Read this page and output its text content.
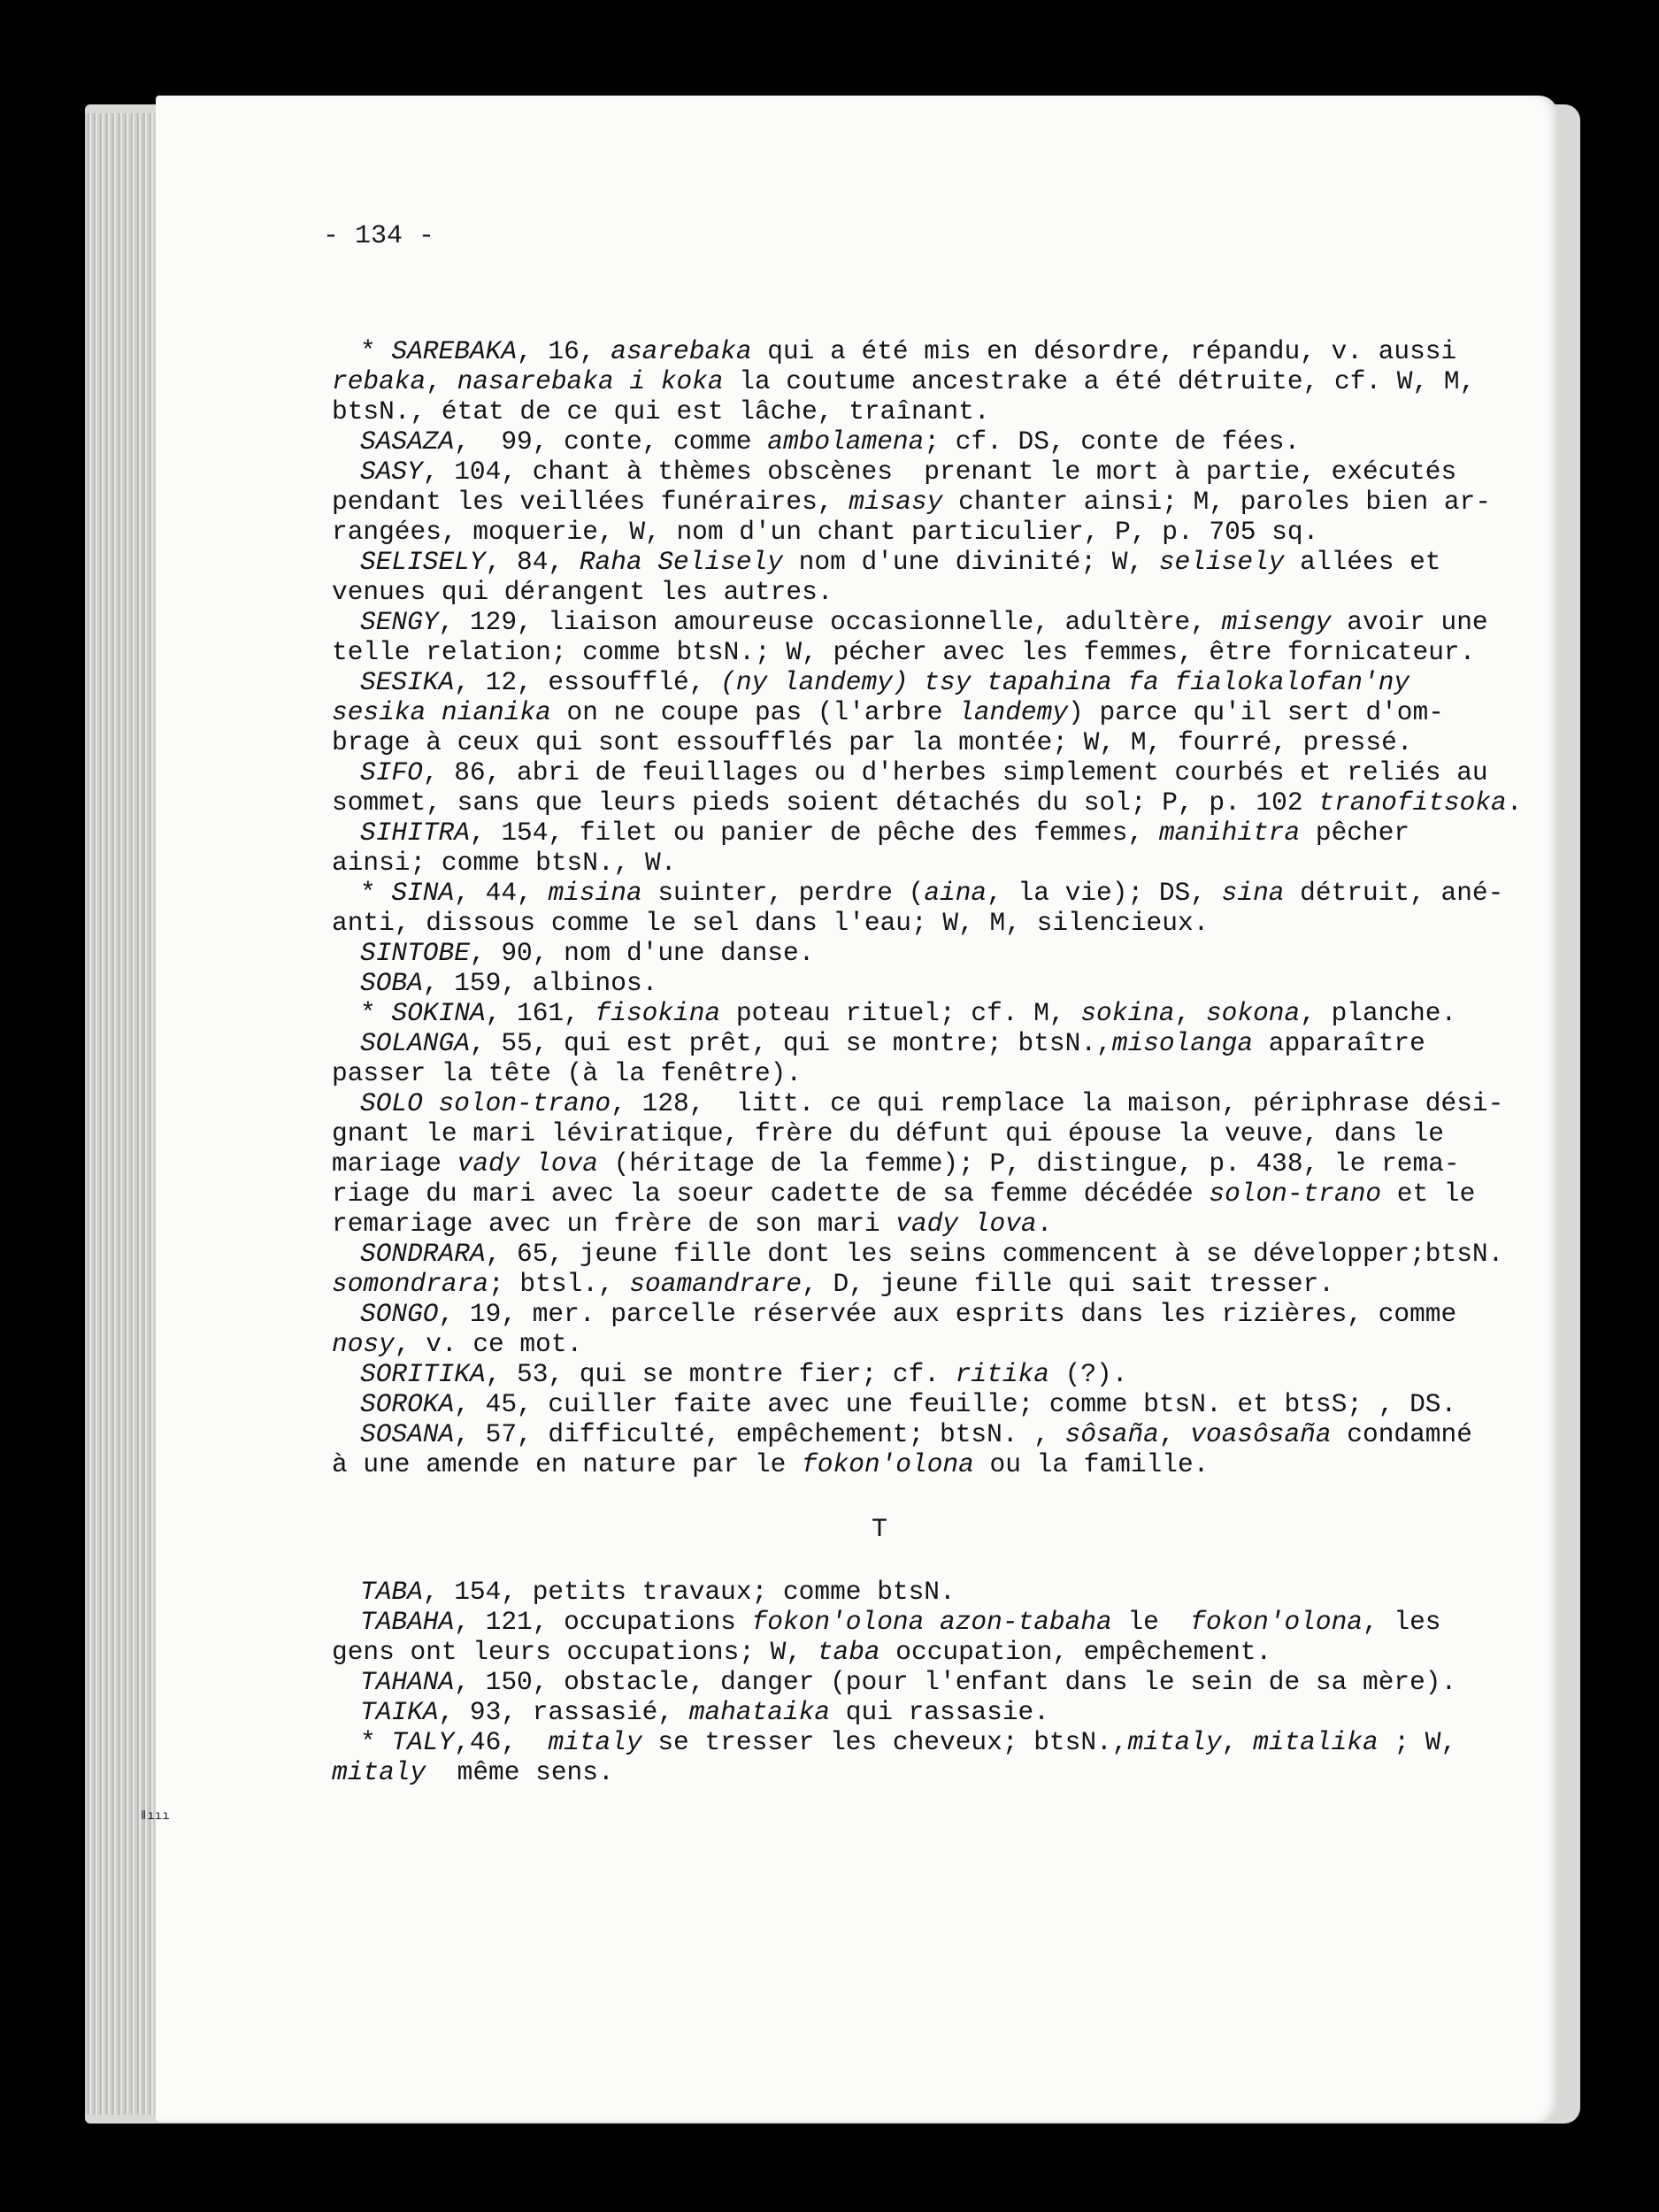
- 134 -

* SAREBAKA, 16, asarebaka qui a été mis en désordre, répandu, v. aussi
rebaka, nasarebaka i koka la coutume ancestrake a été détruite, cf. W, M,
btsN., état de ce qui est lâche, traînant.
SASAZA,  99, conte, comme ambolamena; cf. DS, conte de fées.
SASY, 104, chant à thèmes obscènes  prenant le mort à partie, exécutés
pendant les veillées funéraires, misasy chanter ainsi; M, paroles bien ar-
rangées, moquerie, W, nom d'un chant particulier, P, p. 705 sq.
SELISELY, 84, Raha Selisely nom d'une divinité; W, selisely allées et
venues qui dérangent les autres.
SENGY, 129, liaison amoureuse occasionnelle, adultère, misengy avoir une
telle relation; comme btsN.; W, pécher avec les femmes, être fornicateur.
SESIKA, 12, essoufflé, (ny landemy) tsy tapahina fa fialokalofan'ny
sesika nianika on ne coupe pas (l'arbre landemy) parce qu'il sert d'om-
brage à ceux qui sont essoufflés par la montée; W, M, fourré, pressé.
SIFO, 86, abri de feuillages ou d'herbes simplement courbés et reliés au
sommet, sans que leurs pieds soient détachés du sol; P, p. 102 tranofitsoka.
SIHITRA, 154, filet ou panier de pêche des femmes, manihitra pêcher
ainsi; comme btsN., W.
* SINA, 44, misina suinter, perdre (aina, la vie); DS, sina détruit, ané-
anti, dissous comme le sel dans l'eau; W, M, silencieux.
SINTOBE, 90, nom d'une danse.
SOBA, 159, albinos.
* SOKINA, 161, fisokina poteau rituel; cf. M, sokina, sokona, planche.
SOLANGA, 55, qui est prêt, qui se montre; btsN.,misolanga apparaître
passer la tête (à la fenêtre).
SOLO solon-trano, 128,  litt. ce qui remplace la maison, périphrase dési-
gnant le mari léviratique, frère du défunt qui épouse la veuve, dans le
mariage vady lova (héritage de la femme); P, distingue, p. 438, le rema-
riage du mari avec la soeur cadette de sa femme décédée solon-trano et le
remariage avec un frère de son mari vady lova.
SONDRARA, 65, jeune fille dont les seins commencent à se développer;btsN.
somondrara; btsl., soamandrare, D, jeune fille qui sait tresser.
SONGO, 19, mer. parcelle réservée aux esprits dans les rizières, comme
nosy, v. ce mot.
SORITIKA, 53, qui se montre fier; cf. ritika (?).
SOROKA, 45, cuiller faite avec une feuille; comme btsN. et btsS; , DS.
SOSANA, 57, difficulté, empêchement; btsN. , sôsaña, voasôsaña condamné
à une amende en nature par le fokon'olona ou la famille.

T

TABA, 154, petits travaux; comme btsN.
TABAHA, 121, occupations fokon'olona azon-tabaha le  fokon'olona, les
gens ont leurs occupations; W, taba occupation, empêchement.
TAHANA, 150, obstacle, danger (pour l'enfant dans le sein de sa mère).
TAIKA, 93, rassasié, mahataika qui rassasie.
* TALY,46,  mitaly se tresser les cheveux; btsN.,mitaly, mitalika ; W,
mitaly  même sens.
ǁııı
